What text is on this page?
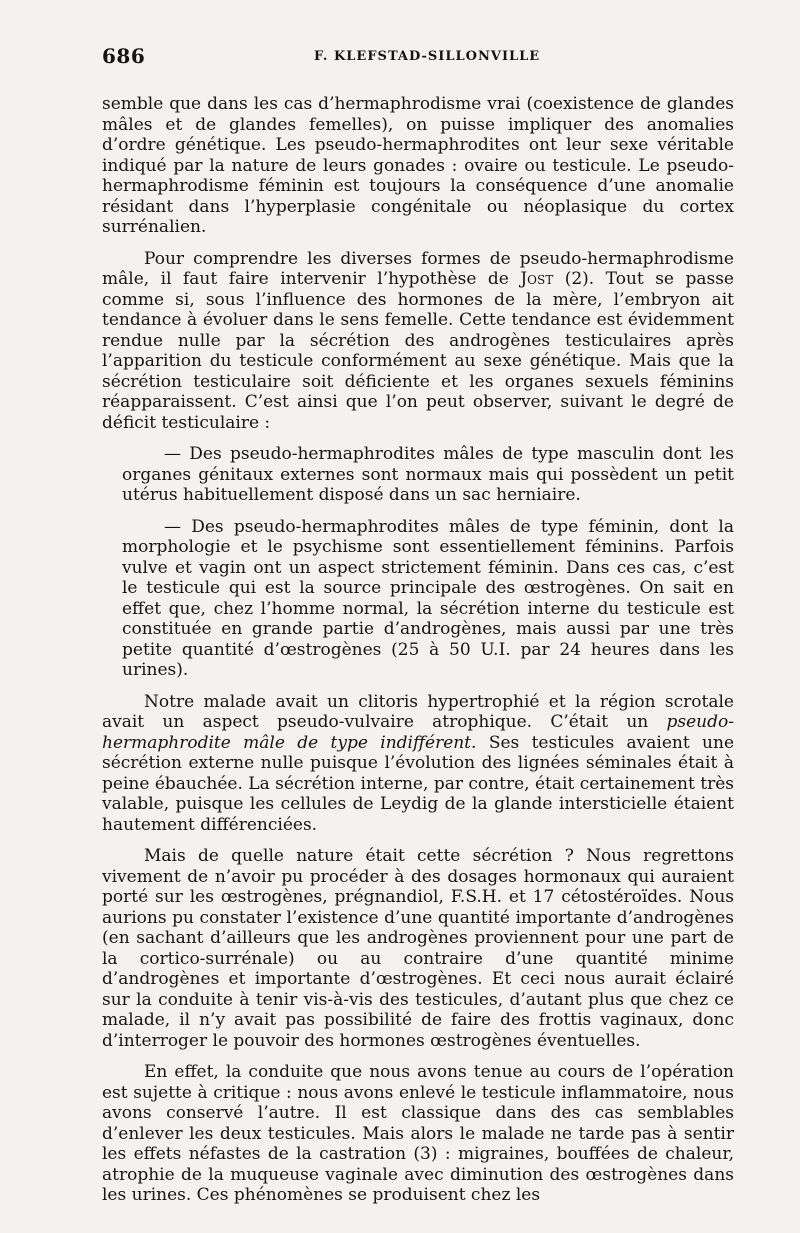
686	F. KLEFSTAD-SILLONVILLE

semble que dans les cas d’hermaphrodisme vrai (coexistence de glandes mâles et de glandes femelles), on puisse impliquer des anomalies d’ordre génétique. Les pseudo-hermaphrodites ont leur sexe véritable indiqué par la nature de leurs gonades : ovaire ou testicule. Le pseudo-hermaphrodisme féminin est toujours la conséquence d’une anomalie résidant dans l’hyperplasie congénitale ou néoplasique du cortex surrénalien.

Pour comprendre les diverses formes de pseudo-hermaphrodisme mâle, il faut faire intervenir l’hypothèse de Jost (2). Tout se passe comme si, sous l’influence des hormones de la mère, l’embryon ait tendance à évoluer dans le sens femelle. Cette tendance est évidemment rendue nulle par la sécrétion des androgènes testiculaires après l’apparition du testicule conformément au sexe génétique. Mais que la sécrétion testiculaire soit déficiente et les organes sexuels féminins réapparaissent. C’est ainsi que l’on peut observer, suivant le degré de déficit testiculaire :

— Des pseudo-hermaphrodites mâles de type masculin dont les organes génitaux externes sont normaux mais qui possèdent un petit utérus habituellement disposé dans un sac herniaire.

— Des pseudo-hermaphrodites mâles de type féminin, dont la morphologie et le psychisme sont essentiellement féminins. Parfois vulve et vagin ont un aspect strictement féminin. Dans ces cas, c’est le testicule qui est la source principale des œstrogènes. On sait en effet que, chez l’homme normal, la sécrétion interne du testicule est constituée en grande partie d’androgènes, mais aussi par une très petite quantité d’œstrogènes (25 à 50 U.I. par 24 heures dans les urines).

Notre malade avait un clitoris hypertrophié et la région scrotale avait un aspect pseudo-vulvaire atrophique. C’était un pseudo-hermaphrodite mâle de type indifférent. Ses testicules avaient une sécrétion externe nulle puisque l’évolution des lignées séminales était à peine ébauchée. La sécrétion interne, par contre, était certainement très valable, puisque les cellules de Leydig de la glande intersticielle étaient hautement différenciées.

Mais de quelle nature était cette sécrétion ? Nous regrettons vivement de n’avoir pu procéder à des dosages hormonaux qui auraient porté sur les œstrogènes, prégnandiol, F.S.H. et 17 cétostéroïdes. Nous aurions pu constater l’existence d’une quantité importante d’androgènes (en sachant d’ailleurs que les androgènes proviennent pour une part de la cortico-surrénale) ou au contraire d’une quantité minime d’androgènes et importante d’œstrogènes. Et ceci nous aurait éclairé sur la conduite à tenir vis-à-vis des testicules, d’autant plus que chez ce malade, il n’y avait pas possibilité de faire des frottis vaginaux, donc d’interroger le pouvoir des hormones œstrogènes éventuelles.

En effet, la conduite que nous avons tenue au cours de l’opération est sujette à critique : nous avons enlevé le testicule inflammatoire, nous avons conservé l’autre. Il est classique dans des cas semblables d’enlever les deux testicules. Mais alors le malade ne tarde pas à sentir les effets néfastes de la castration (3) : migraines, bouffées de chaleur, atrophie de la muqueuse vaginale avec diminution des œstrogènes dans les urines. Ces phénomènes se produisent chez les
